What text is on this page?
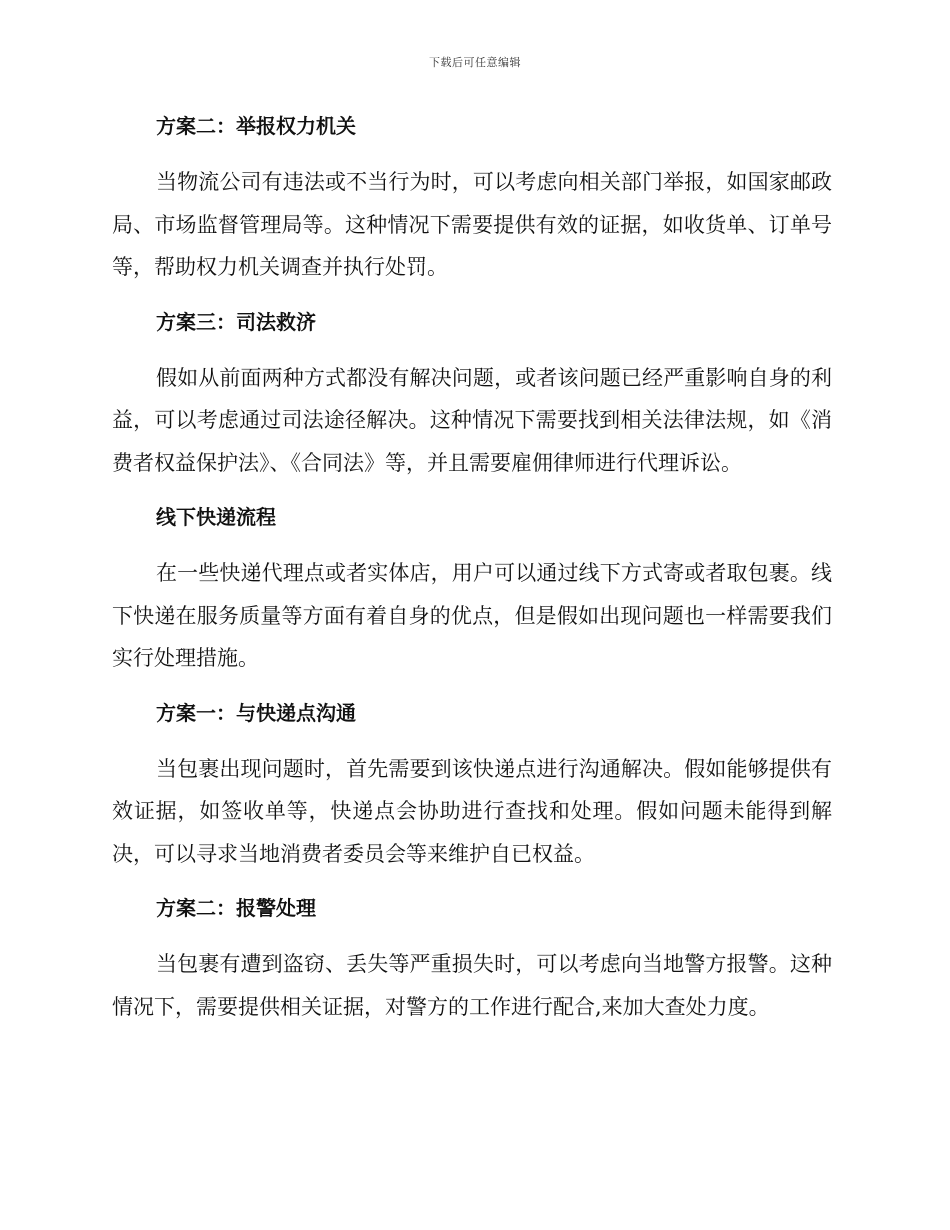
下载后可任意编辑
方案二：举报权力机关

当物流公司有违法或不当行为时，可以考虑向相关部门举报，如国家邮政局、市场监督管理局等。这种情况下需要提供有效的证据，如收货单、订单号等，帮助权力机关调查并执行处罚。

方案三：司法救济

假如从前面两种方式都没有解决问题，或者该问题已经严重影响自身的利益，可以考虑通过司法途径解决。这种情况下需要找到相关法律法规，如《消费者权益保护法》、《合同法》等，并且需要雇佣律师进行代理诉讼。

线下快递流程

在一些快递代理点或者实体店，用户可以通过线下方式寄或者取包裹。线下快递在服务质量等方面有着自身的优点，但是假如出现问题也一样需要我们实行处理措施。

方案一：与快递点沟通

当包裹出现问题时，首先需要到该快递点进行沟通解决。假如能够提供有效证据，如签收单等，快递点会协助进行查找和处理。假如问题未能得到解决，可以寻求当地消费者委员会等来维护自已权益。

方案二：报警处理

当包裹有遭到盗窃、丢失等严重损失时，可以考虑向当地警方报警。这种情况下，需要提供相关证据，对警方的工作进行配合,来加大查处力度。
